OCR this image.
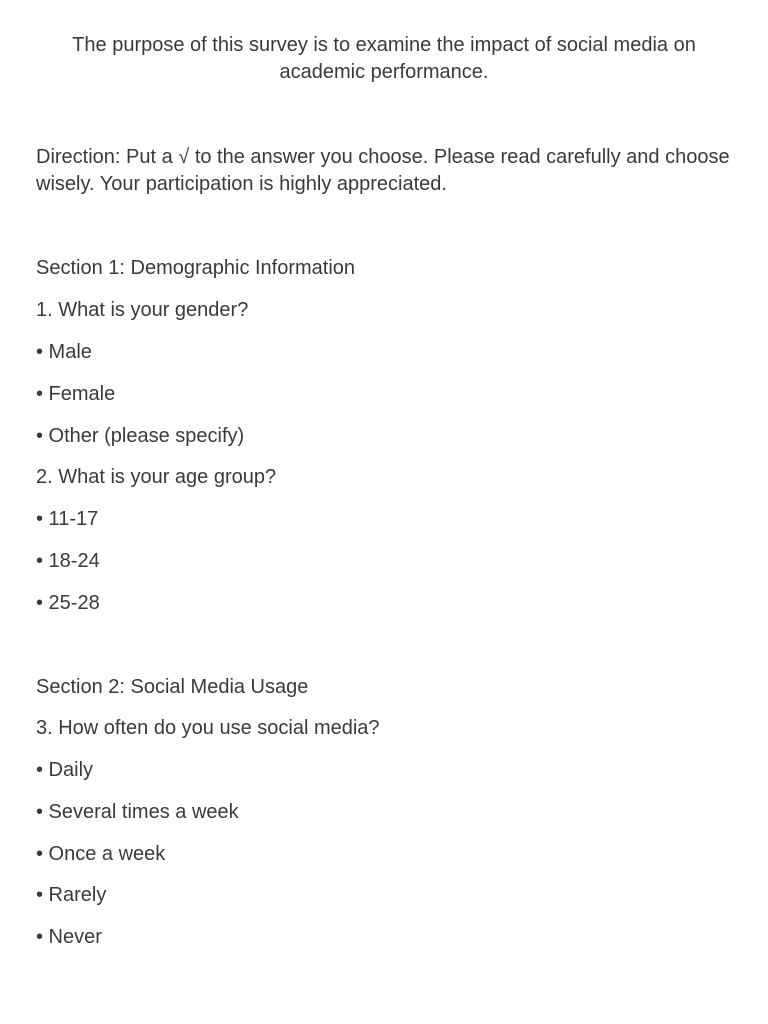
The purpose of this survey is to examine the impact of social media on academic performance.
Direction: Put a √ to the answer you choose. Please read carefully and choose wisely. Your participation is highly appreciated.
Section 1: Demographic Information
1. What is your gender?
• Male
• Female
• Other (please specify)
2. What is your age group?
• 11-17
• 18-24
• 25-28
Section 2: Social Media Usage
3. How often do you use social media?
• Daily
• Several times a week
• Once a week
• Rarely
• Never
